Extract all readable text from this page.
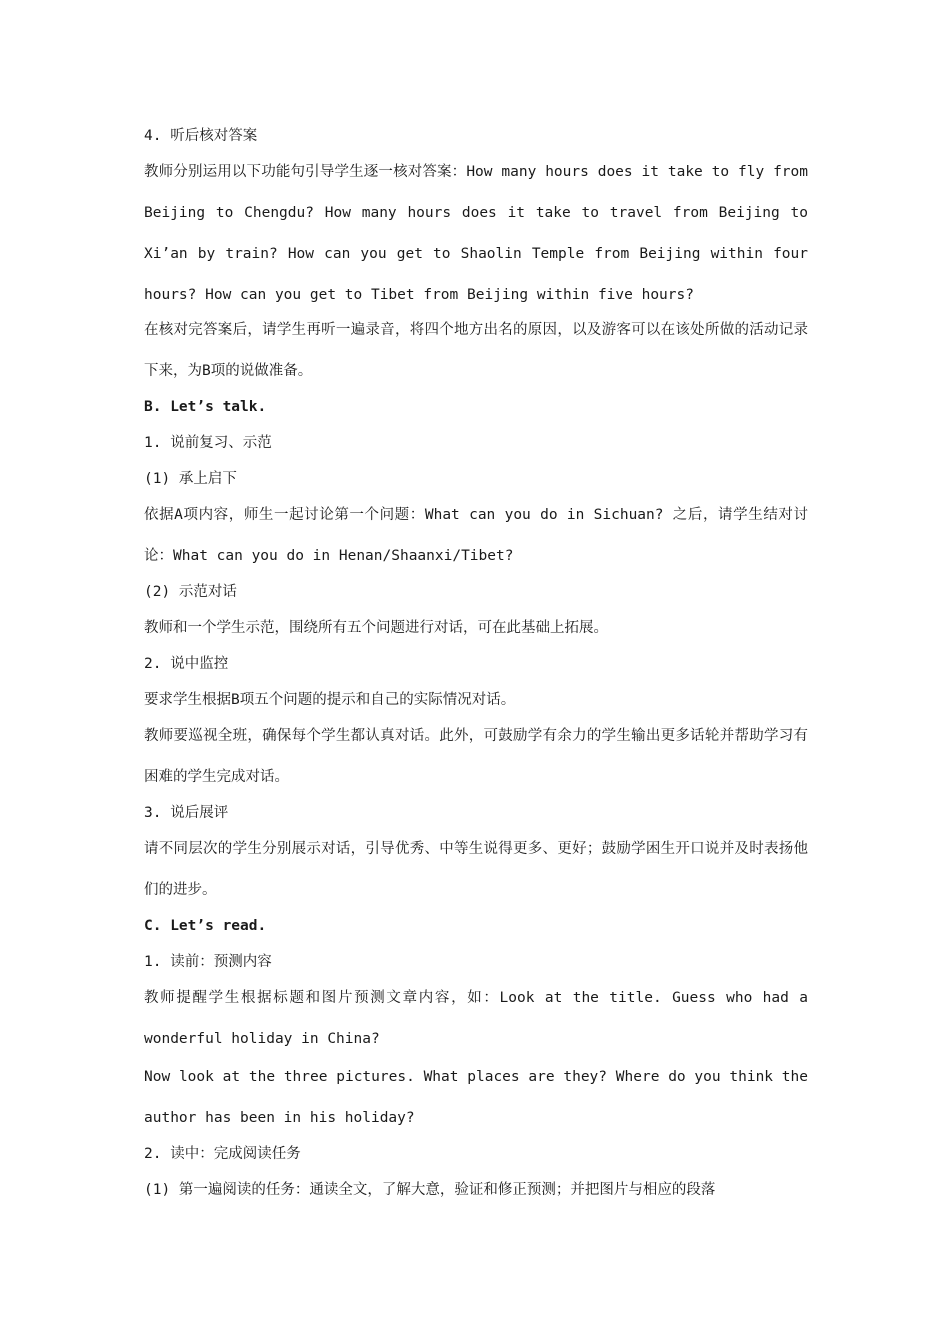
4. 听后核对答案
教师分别运用以下功能句引导学生逐一核对答案：How many hours does it take to fly from Beijing to Chengdu? How many hours does it take to travel from Beijing to Xi’an by train? How can you get to Shaolin Temple from Beijing within four hours? How can you get to Tibet from Beijing within five hours?
在核对完答案后，请学生再听一遍录音，将四个地方出名的原因，以及游客可以在该处所做的活动记录下来，为B项的说做准备。
B. Let’s talk.
1. 说前复习、示范
(1) 承上启下
依据A项内容，师生一起讨论第一个问题：What can you do in Sichuan? 之后，请学生结对讨论：What can you do in Henan/Shaanxi/Tibet?
(2) 示范对话
教师和一个学生示范，围绕所有五个问题进行对话，可在此基础上拓展。
2. 说中监控
要求学生根据B项五个问题的提示和自己的实际情况对话。
教师要巡视全班，确保每个学生都认真对话。此外，可鼓励学有余力的学生输出更多话轮并帮助学习有困难的学生完成对话。
3. 说后展评
请不同层次的学生分别展示对话，引导优秀、中等生说得更多、更好；鼓励学困生开口说并及时表扬他们的进步。
C. Let’s read.
1. 读前：预测内容
教师提醒学生根据标题和图片预测文章内容，如：Look at the title. Guess who had a wonderful holiday in China?
Now look at the three pictures. What places are they? Where do you think the author has been in his holiday?
2. 读中：完成阅读任务
(1) 第一遍阅读的任务：通读全文，了解大意，验证和修正预测；并把图片与相应的段落
